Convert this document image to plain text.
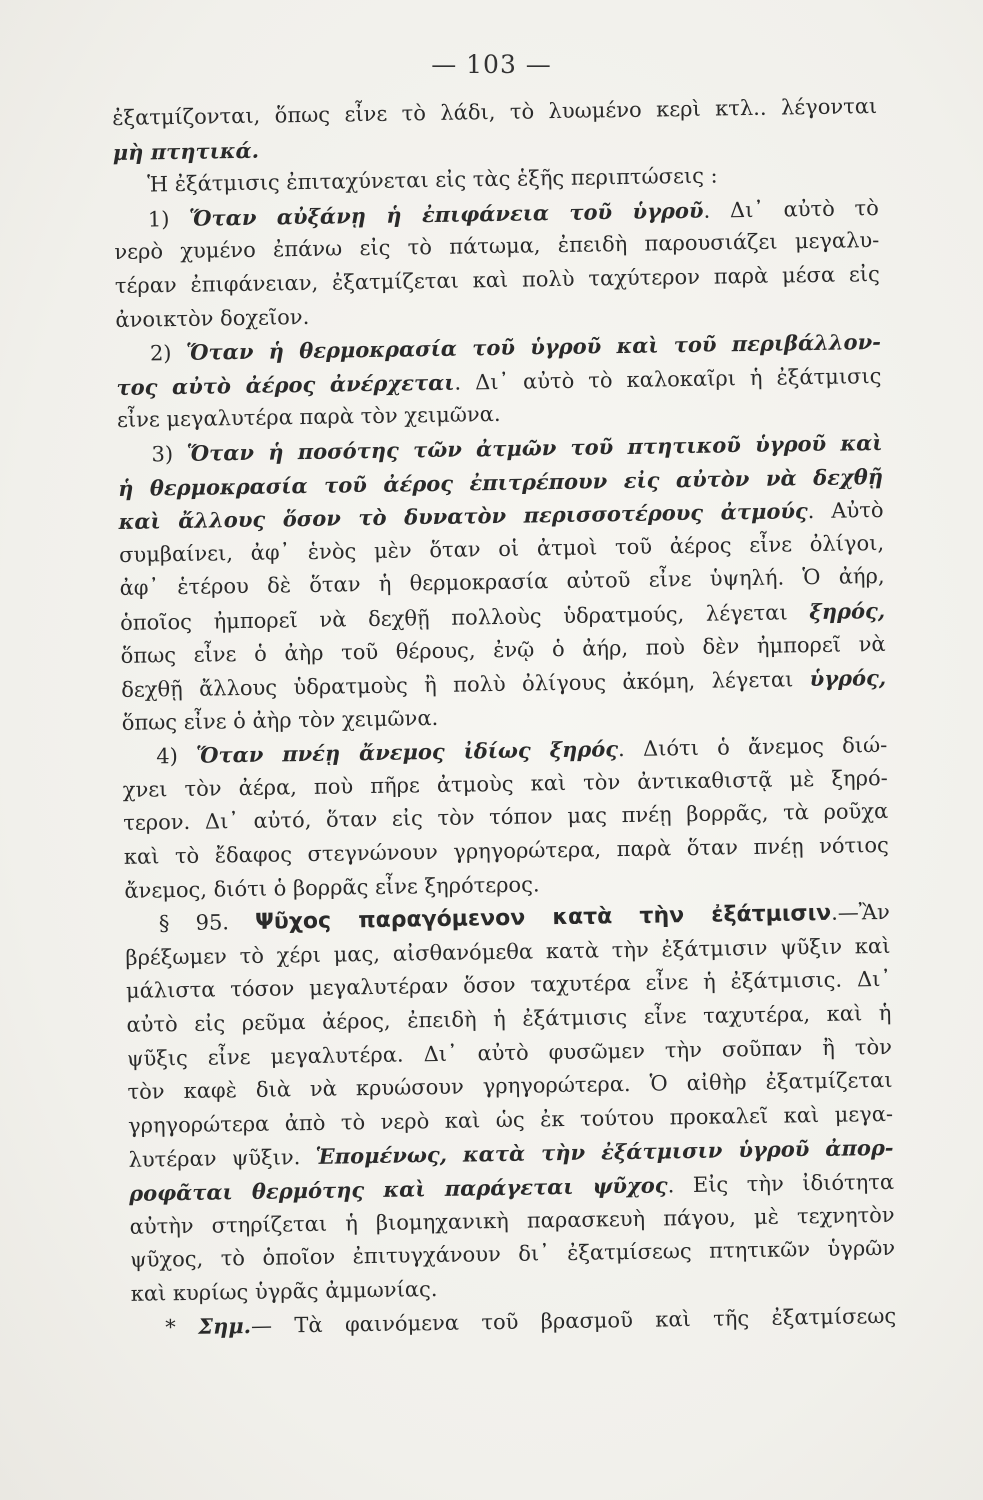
— 103 —
ἐξατμίζονται, ὅπως εἶνε τὸ λάδι, τὸ λυωμένο κερὶ κτλ.. λέγονται
μὴ πτητικά.
Ἡ ἐξάτμισις ἐπιταχύνεται εἰς τὰς ἑξῆς περιπτώσεις :
1) Ὅταν αὐξάνῃ ἡ ἐπιφάνεια τοῦ ὑγροῦ. Δι᾿ αὐτὸ τὸ
νερὸ χυμένο ἐπάνω εἰς τὸ πάτωμα, ἐπειδὴ παρουσιάζει μεγαλυ-
τέραν ἐπιφάνειαν, ἐξατμίζεται καὶ πολὺ ταχύτερον παρὰ μέσα εἰς
ἀνοικτὸν δοχεῖον.
2) Ὅταν ἡ θερμοκρασία τοῦ ὑγροῦ καὶ τοῦ περιβάλλον-
τος αὐτὸ ἀέρος ἀνέρχεται. Δι᾿ αὐτὸ τὸ καλοκαῖρι ἡ ἐξάτμισις
εἶνε μεγαλυτέρα παρὰ τὸν χειμῶνα.
3) Ὅταν ἡ ποσότης τῶν ἀτμῶν τοῦ πτητικοῦ ὑγροῦ καὶ
ἡ θερμοκρασία τοῦ ἀέρος ἐπιτρέπουν εἰς αὐτὸν νὰ δεχθῇ
καὶ ἄλλους ὅσον τὸ δυνατὸν περισσοτέρους ἀτμούς. Αὐτὸ
συμβαίνει, ἀφ᾿ ἑνὸς μὲν ὅταν οἱ ἀτμοὶ τοῦ ἀέρος εἶνε ὀλίγοι,
ἀφ᾿ ἑτέρου δὲ ὅταν ἡ θερμοκρασία αὐτοῦ εἶνε ὑψηλή. Ὁ ἀήρ,
ὁποῖος ἠμπορεῖ νὰ δεχθῇ πολλοὺς ὑδρατμούς, λέγεται ξηρός,
ὅπως εἶνε ὁ ἀὴρ τοῦ θέρους, ἐνῷ ὁ ἀήρ, ποὺ δὲν ἠμπορεῖ νὰ
δεχθῇ ἄλλους ὑδρατμοὺς ἢ πολὺ ὀλίγους ἀκόμη, λέγεται ὑγρός,
ὅπως εἶνε ὁ ἀὴρ τὸν χειμῶνα.
4) Ὅταν πνέῃ ἄνεμος ἰδίως ξηρός. Διότι ὁ ἄνεμος διώ-
χνει τὸν ἀέρα, ποὺ πῆρε ἀτμοὺς καὶ τὸν ἀντικαθιστᾷ μὲ ξηρό-
τερον. Δι᾿ αὐτό, ὅταν εἰς τὸν τόπον μας πνέῃ βορρᾶς, τὰ ροῦχα
καὶ τὸ ἔδαφος στεγνώνουν γρηγορώτερα, παρὰ ὅταν πνέῃ νότιος
ἄνεμος, διότι ὁ βορρᾶς εἶνε ξηρότερος.
§ 95. Ψῦχος παραγόμενον κατὰ τὴν ἐξάτμισιν.—Ἂν
βρέξωμεν τὸ χέρι μας, αἰσθανόμεθα κατὰ τὴν ἐξάτμισιν ψῦξιν καὶ
μάλιστα τόσον μεγαλυτέραν ὅσον ταχυτέρα εἶνε ἡ ἐξάτμισις. Δι᾿
αὐτὸ εἰς ρεῦμα ἀέρος, ἐπειδὴ ἡ ἐξάτμισις εἶνε ταχυτέρα, καὶ ἡ
ψῦξις εἶνε μεγαλυτέρα. Δι᾿ αὐτὸ φυσῶμεν τὴν σοῦπαν ἢ τὸν
τὸν καφὲ διὰ νὰ κρυώσουν γρηγορώτερα. Ὁ αἰθὴρ ἐξατμίζεται
γρηγορώτερα ἀπὸ τὸ νερὸ καὶ ὡς ἐκ τούτου προκαλεῖ καὶ μεγα-
λυτέραν ψῦξιν. Ἑπομένως, κατὰ τὴν ἐξάτμισιν ὑγροῦ ἀπορ-
ροφᾶται θερμότης καὶ παράγεται ψῦχος. Εἰς τὴν ἰδιότητα
αὐτὴν στηρίζεται ἡ βιομηχανικὴ παρασκευὴ πάγου, μὲ τεχνητὸν
ψῦχος, τὸ ὁποῖον ἐπιτυγχάνουν δι᾿ ἐξατμίσεως πτητικῶν ὑγρῶν
καὶ κυρίως ὑγρᾶς ἀμμωνίας.
* Σημ.— Τὰ φαινόμενα τοῦ βρασμοῦ καὶ τῆς ἐξατμίσεως
